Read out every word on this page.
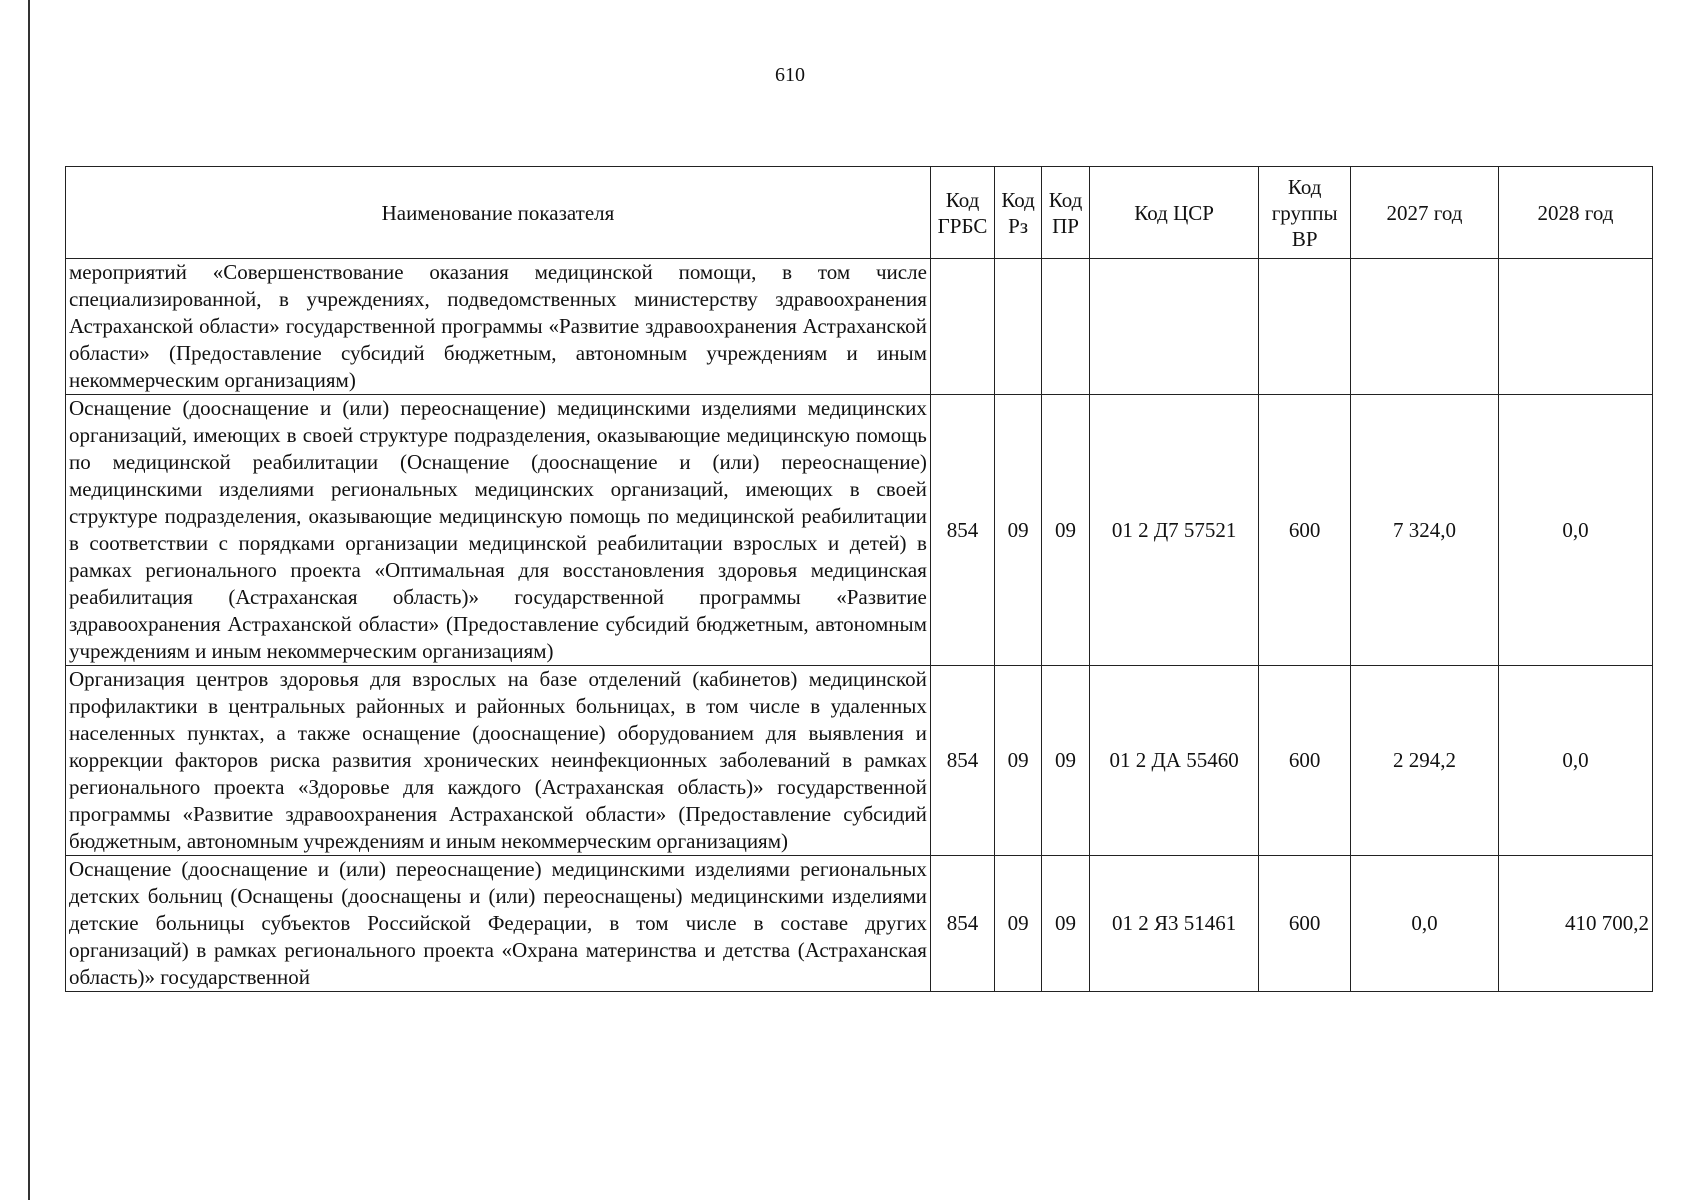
610
Наименование показателя	Код ГРБС	Код Рз	Код ПР	Код ЦСР	Код группы ВР	2027 год	2028 год
мероприятий «Совершенствование оказания медицинской помощи, в том числе специализированной, в учреждениях, подведомственных министерству здравоохранения Астраханской области» государственной программы «Развитие здравоохранения Астраханской области» (Предоставление субсидий бюджетным, автономным учреждениям и иным некоммерческим организациям)							
Оснащение (дооснащение и (или) переоснащение) медицинскими изделиями медицинских организаций, имеющих в своей структуре подразделения, оказывающие медицинскую помощь по медицинской реабилитации (Оснащение (дооснащение и (или) переоснащение) медицинскими изделиями региональных медицинских организаций, имеющих в своей структуре подразделения, оказывающие медицинскую помощь по медицинской реабилитации в соответствии с порядками организации медицинской реабилитации взрослых и детей) в рамках регионального проекта «Оптимальная для восстановления здоровья медицинская реабилитация (Астраханская область)» государственной программы «Развитие здравоохранения Астраханской области» (Предоставление субсидий бюджетным, автономным учреждениям и иным некоммерческим организациям)	854	09	09	01 2 Д7 57521	600	7 324,0	0,0
Организация центров здоровья для взрослых на базе отделений (кабинетов) медицинской профилактики в центральных районных и районных больницах, в том числе в удаленных населенных пунктах, а также оснащение (дооснащение) оборудованием для выявления и коррекции факторов риска развития хронических неинфекционных заболеваний в рамках регионального проекта «Здоровье для каждого (Астраханская область)» государственной программы «Развитие здравоохранения Астраханской области» (Предоставление субсидий бюджетным, автономным учреждениям и иным некоммерческим организациям)	854	09	09	01 2 ДА 55460	600	2 294,2	0,0
Оснащение (дооснащение и (или) переоснащение) медицинскими изделиями региональных детских больниц (Оснащены (дооснащены и (или) переоснащены) медицинскими изделиями детские больницы субъектов Российской Федерации, в том числе в составе других организаций) в рамках регионального проекта «Охрана материнства и детства (Астраханская область)» государственной	854	09	09	01 2 Я3 51461	600	0,0	410 700,2
